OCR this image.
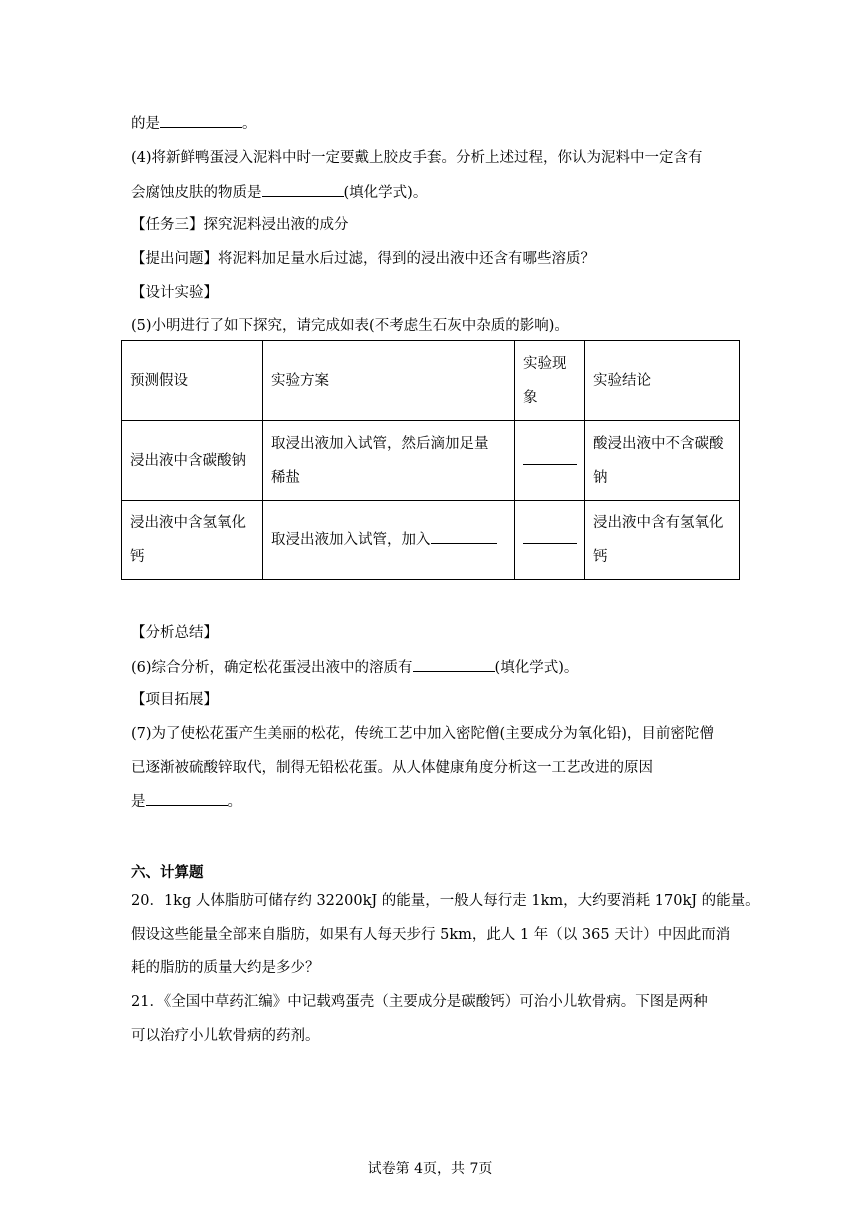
的是	。
(4)将新鲜鸭蛋浸入泥料中时一定要戴上胶皮手套。分析上述过程，你认为泥料中一定含有
会腐蚀皮肤的物质是	(填化学式)。
【任务三】探究泥料浸出液的成分
【提出问题】将泥料加足量水后过滤，得到的浸出液中还含有哪些溶质？
【设计实验】
(5)小明进行了如下探究，请完成如表(不考虑生石灰中杂质的影响)。
预测假设	实验方案	实验现
象	实验结论
浸出液中含碳酸钠	取浸出液加入试管，然后滴加足量
稀盐		酸浸出液中不含碳酸
钠
浸出液中含氢氧化
钙	取浸出液加入试管，加入		浸出液中含有氢氧化
钙
【分析总结】
(6)综合分析，确定松花蛋浸出液中的溶质有	(填化学式)。
【项目拓展】
(7)为了使松花蛋产生美丽的松花，传统工艺中加入密陀僧(主要成分为氧化铅)，目前密陀僧
已逐渐被硫酸锌取代，制得无铅松花蛋。从人体健康角度分析这一工艺改进的原因
是	。
六、计算题
20．1kg 人体脂肪可储存约 32200kJ 的能量，一般人每行走 1km，大约要消耗 170kJ 的能量。
假设这些能量全部来自脂肪，如果有人每天步行 5km，此人 1 年（以 365 天计）中因此而消
耗的脂肪的质量大约是多少？
21．《全国中草药汇编》中记载鸡蛋壳（主要成分是碳酸钙）可治小儿软骨病。下图是两种
可以治疗小儿软骨病的药剂。
试卷第 4页，共 7页
